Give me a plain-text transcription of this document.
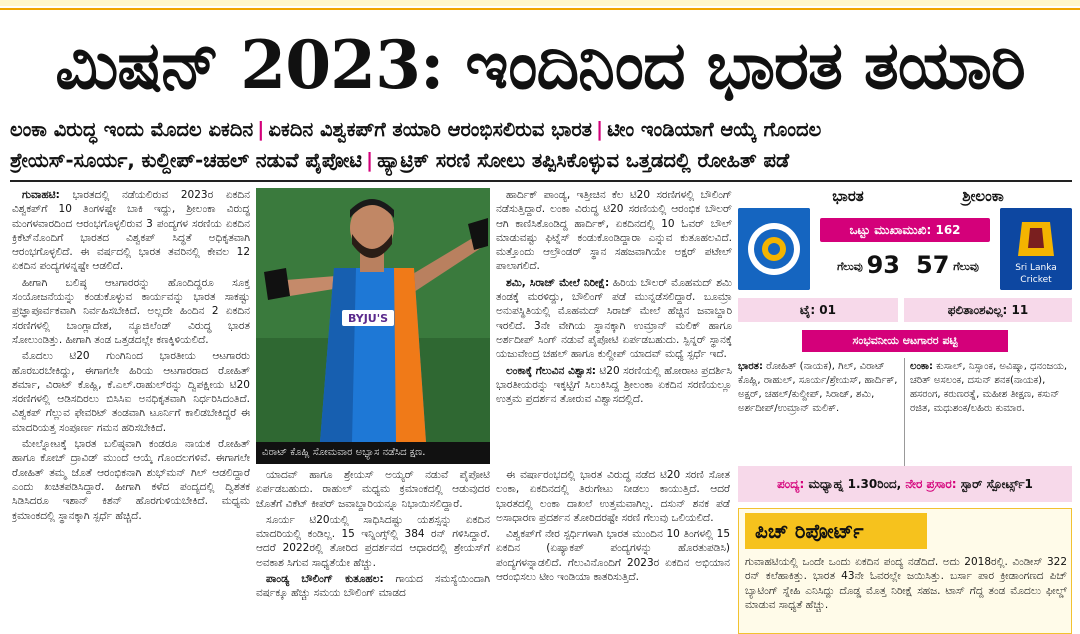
ಮಿಷನ್ 2023: ಇಂದಿನಿಂದ ಭಾರತ ತಯಾರಿ
ಲಂಕಾ ವಿರುದ್ಧ ಇಂದು ಮೊದಲ ಏಕದಿನ | ಏಕದಿನ ವಿಶ್ವಕಪ್‌ಗೆ ತಯಾರಿ ಆರಂಭಿಸಲಿರುವ ಭಾರತ | ಟೀಂ ಇಂಡಿಯಾಗೆ ಆಯ್ಕೆ ಗೊಂದಲ
ಶ್ರೇಯಸ್-ಸೂರ್ಯ, ಕುಲ್ದೀಪ್-ಚಹಲ್ ನಡುವೆ ಪೈಪೋಟಿ | ಹ್ಯಾಟ್ರಿಕ್ ಸರಣಿ ಸೋಲು ತಪ್ಪಿಸಿಕೊಳ್ಳುವ ಒತ್ತಡದಲ್ಲಿ ರೋಹಿತ್ ಪಡೆ

ಗುವಾಹಟಿ: ಭಾರತದಲ್ಲಿ ನಡೆಯಲಿರುವ 2023ರ ಏಕದಿನ ವಿಶ್ವಕಪ್‌ಗೆ 10 ತಿಂಗಳಷ್ಟೇ ಬಾಕಿ ಇದ್ದು, ಶ್ರೀಲಂಕಾ ವಿರುದ್ಧ ಮಂಗಳವಾರದಿಂದ ಆರಂಭಗೊಳ್ಳಲಿರುವ 3 ಪಂದ್ಯಗಳ ಸರಣಿಯ ಏಕದಿನ ಕ್ರಿಕೆಟ್‌ನೊಂದಿಗೆ ಭಾರತದ ವಿಶ್ವಕಪ್ ಸಿದ್ಧತೆ ಅಧಿಕೃತವಾಗಿ ಆರಂಭಗೊಳ್ಳಲಿದೆ. ಈ ವರ್ಷದಲ್ಲಿ ಭಾರತ ತವರಿನಲ್ಲಿ ಕೇವಲ 12 ಏಕದಿನ ಪಂದ್ಯಗಳನ್ನಷ್ಟೇ ಆಡಲಿದೆ.

ಹೀಗಾಗಿ ಬಲಿಷ್ಠ ಆಟಗಾರರನ್ನು ಹೊಂದಿದ್ದರೂ ಸೂಕ್ತ ಸಂಯೋಜನೆಯನ್ನು ಕಂಡುಕೊಳ್ಳುವ ಕಾರ್ಯವನ್ನು ಭಾರತ ಸಾಕಷ್ಟು ಪ್ರಜ್ಞಾಪೂರ್ವಕವಾಗಿ ನಿರ್ವಹಿಸಬೇಕಿದೆ. ಅಲ್ಲದೇ ಹಿಂದಿನ 2 ಏಕದಿನ ಸರಣಿಗಳಲ್ಲಿ ಬಾಂಗ್ಲಾದೇಶ, ನ್ಯೂಜಿಲೆಂಡ್ ವಿರುದ್ಧ ಭಾರತ ಸೋಲುಂಡಿತ್ತು. ಹೀಗಾಗಿ ತಂಡ ಒತ್ತಡದಲ್ಲೇ ಕಣಕ್ಕಿಳಿಯಲಿದೆ.

ಮೊದಲು ಟಿ20 ಗುಂಗಿನಿಂದ ಭಾರತೀಯ ಆಟಗಾರರು ಹೊರಬರಬೇಕಿದ್ದು, ಈಗಾಗಲೇ ಹಿರಿಯ ಆಟಗಾರರಾದ ರೋಹಿತ್ ಶರ್ಮಾ, ವಿರಾಟ್ ಕೊಹ್ಲಿ, ಕೆ.ಎಲ್.ರಾಹುಲ್‌ರನ್ನು ದ್ವಿಪಕ್ಷೀಯ ಟಿ20 ಸರಣಿಗಳಲ್ಲಿ ಆಡಿಸದಿರಲು ಬಿಸಿಸಿಐ ಅನಧಿಕೃತವಾಗಿ ನಿರ್ಧರಿಸಿದಂತಿದೆ. ವಿಶ್ವಕಪ್ ಗೆಲ್ಲುವ ಫೇವರಿಟ್ ತಂಡವಾಗಿ ಟೂರ್ನಿಗೆ ಕಾಲಿಡಬೇಕಿದ್ದರೆ ಈ ಮಾದರಿಯತ್ತ ಸಂಪೂರ್ಣ ಗಮನ ಹರಿಸಬೇಕಿದೆ.

ಮೇಲ್ನೋಟಕ್ಕೆ ಭಾರತ ಬಲಿಷ್ಠವಾಗಿ ಕಂಡರೂ ನಾಯಕ ರೋಹಿತ್ ಹಾಗೂ ಕೋಚ್ ದ್ರಾವಿಡ್ ಮುಂದೆ ಆಯ್ಕೆ ಗೊಂದಲಗಳಿವೆ. ಈಗಾಗಲೇ ರೋಹಿತ್ ತಮ್ಮ ಜೊತೆ ಆರಂಭಿಕನಾಗಿ ಶುಭ್‌ಮನ್ ಗಿಲ್ ಆಡಲಿದ್ದಾರೆ ಎಂದು ಖಚಿತಪಡಿಸಿದ್ದಾರೆ. ಹೀಗಾಗಿ ಕಳೆದ ಪಂದ್ಯದಲ್ಲಿ ದ್ವಿಶತಕ ಸಿಡಿಸಿದರೂ ಇಶಾನ್ ಕಿಶನ್ ಹೊರಗುಳಿಯಬೇಕಿದೆ. ಮಧ್ಯಮ ಕ್ರಮಾಂಕದಲ್ಲಿ ಸ್ಥಾನಕ್ಕಾಗಿ ಸ್ಪರ್ಧೆ ಹೆಚ್ಚಿದೆ.

BYJU'S
ವಿರಾಟ್ ಕೊಹ್ಲಿ ಸೋಮವಾರ ಅಭ್ಯಾಸ ನಡೆಸಿದ ಕ್ಷಣ.

ಹಾರ್ದಿಕ್ ಪಾಂಡ್ಯ, ಇತ್ತೀಚಿನ ಕೆಲ ಟಿ20 ಸರಣಿಗಳಲ್ಲಿ ಬೌಲಿಂಗ್ ನಡೆಸುತ್ತಿದ್ದಾರೆ. ಲಂಕಾ ವಿರುದ್ಧ ಟಿ20 ಸರಣಿಯಲ್ಲಿ ಆರಂಭಿಕ ಬೌಲರ್ ಆಗಿ ಕಾಣಿಸಿಕೊಂಡಿದ್ದ ಹಾರ್ದಿಕ್, ಏಕದಿನದಲ್ಲಿ 10 ಓವರ್ ಬೌಲ್ ಮಾಡುವಷ್ಟು ಫಿಟ್ನೆಸ್ ಕಂಡುಕೊಂಡಿದ್ದಾರಾ ಎನ್ನುವ ಕುತೂಹಲವಿದೆ. ಮತ್ತೊಂದು ಆಲ್ರೌಂಡರ್ ಸ್ಥಾನ ಸಹಜವಾಗಿಯೇ ಅಕ್ಷರ್ ಪಟೇಲ್ ಪಾಲಾಗಲಿದೆ.

ಶಮಿ, ಸಿರಾಜ್ ಮೇಲೆ ನಿರೀಕ್ಷೆ: ಹಿರಿಯ ಬೌಲರ್ ಮೊಹಮದ್ ಶಮಿ ತಂಡಕ್ಕೆ ಮರಳಿದ್ದು, ಬೌಲಿಂಗ್ ಪಡೆ ಮುನ್ನಡೆಸಲಿದ್ದಾರೆ. ಬೂಮ್ರಾ ಅನುಪಸ್ಥಿತಿಯಲ್ಲಿ ಮೊಹಮದ್ ಸಿರಾಜ್ ಮೇಲೆ ಹೆಚ್ಚಿನ ಜವಾಬ್ದಾರಿ ಇರಲಿದೆ. 3ನೇ ವೇಗಿಯ ಸ್ಥಾನಕ್ಕಾಗಿ ಉಮ್ರಾನ್ ಮಲಿಕ್ ಹಾಗೂ ಅರ್ಶದೀಪ್ ಸಿಂಗ್ ನಡುವೆ ಪೈಪೋಟಿ ಏರ್ಪಡಬಹುದು. ಸ್ಪಿನ್ನರ್ ಸ್ಥಾನಕ್ಕೆ ಯಜುವೇಂದ್ರ ಚಹಲ್ ಹಾಗೂ ಕುಲ್ದೀಪ್ ಯಾದವ್ ಮಧ್ಯೆ ಸ್ಪರ್ಧೆ ಇದೆ.

ಲಂಕಾಕ್ಕೆ ಗೆಲುವಿನ ವಿಶ್ವಾಸ: ಟಿ20 ಸರಣಿಯಲ್ಲಿ ಹೋರಾಟ ಪ್ರದರ್ಶಿಸಿ ಭಾರತೀಯರನ್ನು ಇಕ್ಕಟ್ಟಿಗೆ ಸಿಲುಕಿಸಿದ್ದ ಶ್ರೀಲಂಕಾ ಏಕದಿನ ಸರಣಿಯಲ್ಲೂ ಉತ್ತಮ ಪ್ರದರ್ಶನ ತೋರುವ ವಿಶ್ವಾಸದಲ್ಲಿದೆ.

ಯಾದವ್ ಹಾಗೂ ಶ್ರೇಯಸ್ ಅಯ್ಯರ್ ನಡುವೆ ಪೈಪೋಟಿ ಏರ್ಪಡಬಹುದು. ರಾಹುಲ್ ಮಧ್ಯಮ ಕ್ರಮಾಂಕದಲ್ಲಿ ಆಡುವುದರ ಜೊತೆಗೆ ವಿಕೆಟ್ ಕೀಪರ್ ಜವಾಬ್ದಾರಿಯನ್ನೂ ನಿಭಾಯಿಸಲಿದ್ದಾರೆ.

ಸೂರ್ಯ ಟಿ20ಯಲ್ಲಿ ಸಾಧಿಸಿದಷ್ಟು ಯಶಸ್ಸನ್ನು ಏಕದಿನ ಮಾದರಿಯಲ್ಲಿ ಕಂಡಿಲ್ಲ. 15 ಇನ್ನಿಂಗ್ಸ್‌ಲ್ಲಿ 384 ರನ್ ಗಳಿಸಿದ್ದಾರೆ. ಆದರೆ 2022ರಲ್ಲಿ ತೋರಿದ ಪ್ರದರ್ಶನದ ಆಧಾರದಲ್ಲಿ ಶ್ರೇಯಸ್‌ಗೆ ಅವಕಾಶ ಸಿಗುವ ಸಾಧ್ಯತೆಯೇ ಹೆಚ್ಚು.

ಪಾಂಡ್ಯ ಬೌಲಿಂಗ್ ಕುತೂಹಲ: ಗಾಯದ ಸಮಸ್ಯೆಯಿಂದಾಗಿ ವರ್ಷಕ್ಕೂ ಹೆಚ್ಚು ಸಮಯ ಬೌಲಿಂಗ್ ಮಾಡದ

ಈ ವರ್ಷಾರಂಭದಲ್ಲಿ ಭಾರತ ವಿರುದ್ಧ ನಡೆದ ಟಿ20 ಸರಣಿ ಸೋತ ಲಂಕಾ, ಏಕದಿನದಲ್ಲಿ ತಿರುಗೇಟು ನೀಡಲು ಕಾಯುತ್ತಿದೆ. ಆದರೆ ಭಾರತದಲ್ಲಿ ಲಂಕಾ ದಾಖಲೆ ಉತ್ತಮವಾಗಿಲ್ಲ. ದಸುನ್ ಶನಕ ಪಡೆ ಅಸಾಧಾರಣ ಪ್ರದರ್ಶನ ತೋರಿದರಷ್ಟೇ ಸರಣಿ ಗೆಲುವು ಒಲಿಯಲಿದೆ.

ವಿಶ್ವಕಪ್‌ಗೆ ನೇರ ಸ್ಪರ್ಧಿಗಳಾಗಿ ಭಾರತ ಮುಂದಿನ 10 ತಿಂಗಳಲ್ಲಿ 15 ಏಕದಿನ (ಏಷ್ಯಾಕಪ್ ಪಂದ್ಯಗಳನ್ನು ಹೊರತುಪಡಿಸಿ) ಪಂದ್ಯಗಳನ್ನಾಡಲಿದೆ. ಗೆಲುವಿನೊಂದಿಗೆ 2023ರ ಏಕದಿನ ಅಭಿಯಾನ ಆರಂಭಿಸಲು ಟೀಂ ಇಂಡಿಯಾ ಕಾತರಿಸುತ್ತಿದೆ.

ಭಾರತ	ಶ್ರೀಲಂಕಾ
Sri Lanka
Cricket
ಒಟ್ಟು ಮುಖಾಮುಖಿ: 162
ಗೆಲುವು 93 57 ಗೆಲುವು
ಟೈ: 01	ಫಲಿತಾಂಶವಿಲ್ಲ: 11
ಸಂಭವನೀಯ ಆಟಗಾರರ ಪಟ್ಟಿ
ಭಾರತ: ರೋಹಿತ್ (ನಾಯಕ), ಗಿಲ್, ವಿರಾಟ್ ಕೊಹ್ಲಿ, ರಾಹುಲ್, ಸೂರ್ಯ/ಶ್ರೇಯಸ್, ಹಾರ್ದಿಕ್, ಅಕ್ಷರ್, ಚಹಲ್/ಕುಲ್ದೀಪ್, ಸಿರಾಜ್, ಶಮಿ, ಅರ್ಶದೀಪ್/ಉಮ್ರಾನ್ ಮಲಿಕ್.
ಲಂಕಾ: ಕುಸಾಲ್, ನಿಸ್ಸಾಂಕ, ಅವಿಷ್ಕಾ, ಧನಂಜಯ, ಚರಿತ್ ಅಸಲಂಕ, ದಸುನ್ ಶನಕ(ನಾಯಕ), ಹಸರಂಗ, ಕರುಣರತ್ನೆ, ಮಹೀಶ ತೀಕ್ಷಣ, ಕಸುನ್ ರಜಿತ, ಮಧುಶಂಕ/ಲಹಿರು ಕುಮಾರ.
ಪಂದ್ಯ: ಮಧ್ಯಾಹ್ನ 1.30ರಿಂದ, ನೇರ ಪ್ರಸಾರ: ಸ್ಟಾರ್ ಸ್ಪೋರ್ಟ್ಸ್1
ಪಿಚ್ ರಿಪೋರ್ಟ್
ಗುವಾಹಟಿಯಲ್ಲಿ ಒಂದೇ ಒಂದು ಏಕದಿನ ಪಂದ್ಯ ನಡೆದಿದೆ. ಅದು 2018ರಲ್ಲಿ. ವಿಂಡೀಸ್ 322 ರನ್ ಕಲೆಹಾಕಿತ್ತು. ಭಾರತ 43ನೇ ಓವರಲ್ಲೇ ಜಯಿಸಿತ್ತು. ಬರ್ಸಾ ಪಾರ ಕ್ರೀಡಾಂಗಣದ ಪಿಚ್ ಬ್ಯಾಟಿಂಗ್ ಸ್ನೇಹಿ ಎನಿಸಿದ್ದು ದೊಡ್ಡ ಮೊತ್ತ ನಿರೀಕ್ಷೆ ಸಹಜ. ಟಾಸ್ ಗೆದ್ದ ತಂಡ ಮೊದಲು ಫೀಲ್ಡ್ ಮಾಡುವ ಸಾಧ್ಯತೆ ಹೆಚ್ಚು.
